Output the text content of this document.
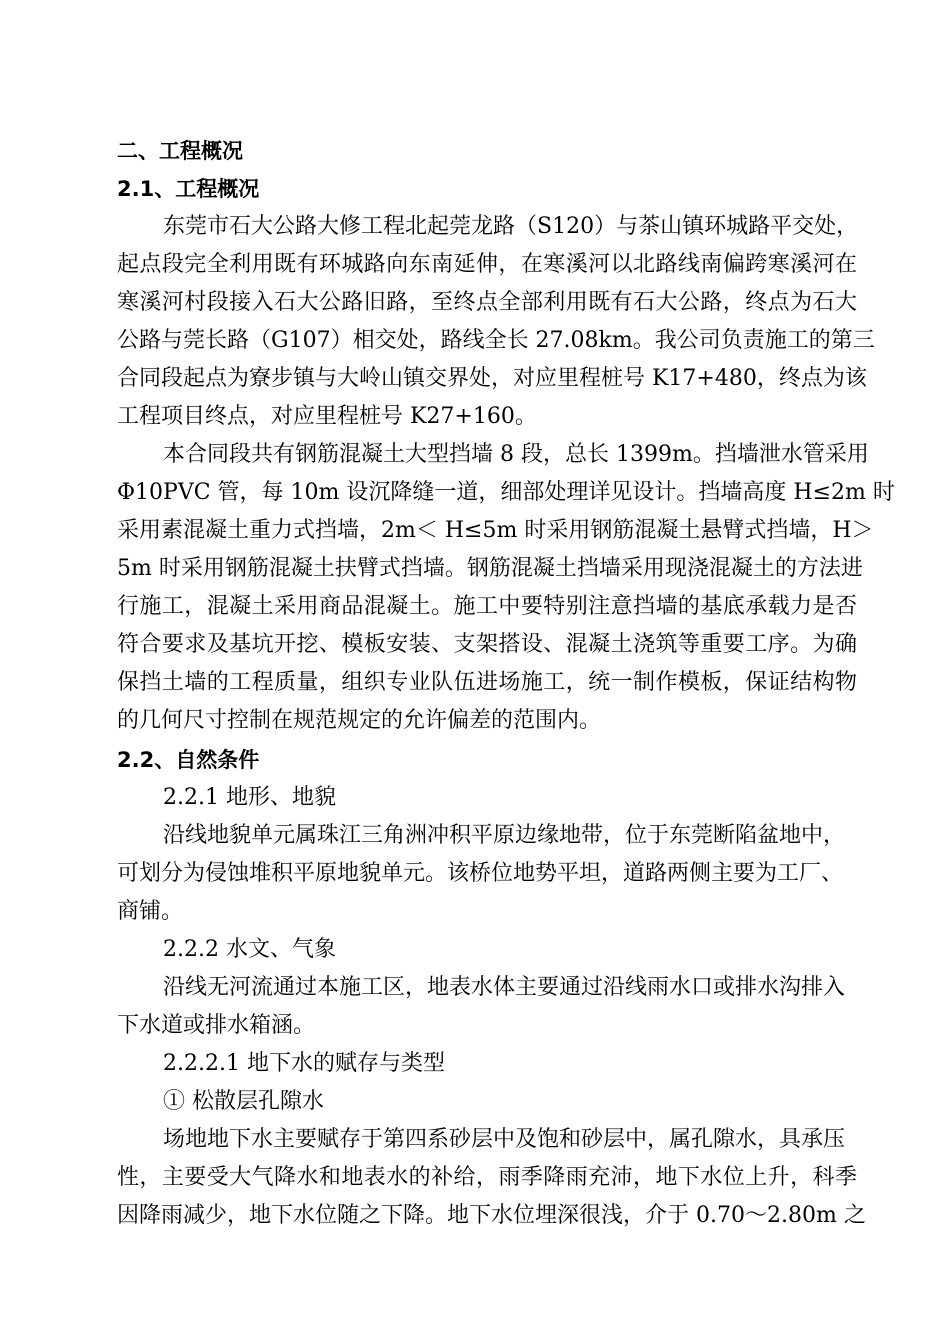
二、工程概况
2.1、工程概况
东莞市石大公路大修工程北起莞龙路（S120）与茶山镇环城路平交处，
起点段完全利用既有环城路向东南延伸，在寒溪河以北路线南偏跨寒溪河在
寒溪河村段接入石大公路旧路，至终点全部利用既有石大公路，终点为石大
公路与莞长路（G107）相交处，路线全长 27.08km。我公司负责施工的第三
合同段起点为寮步镇与大岭山镇交界处，对应里程桩号 K17+480，终点为该
工程项目终点，对应里程桩号 K27+160。
本合同段共有钢筋混凝土大型挡墙 8 段，总长 1399m。挡墙泄水管采用
Φ10PVC 管，每 10m 设沉降缝一道，细部处理详见设计。挡墙高度 H≤2m 时
采用素混凝土重力式挡墙，2m＜ H≤5m 时采用钢筋混凝土悬臂式挡墙，H＞
5m 时采用钢筋混凝土扶臂式挡墙。钢筋混凝土挡墙采用现浇混凝土的方法进
行施工，混凝土采用商品混凝土。施工中要特别注意挡墙的基底承载力是否
符合要求及基坑开挖、模板安装、支架搭设、混凝土浇筑等重要工序。为确
保挡土墙的工程质量，组织专业队伍进场施工，统一制作模板，保证结构物
的几何尺寸控制在规范规定的允许偏差的范围内。
2.2、自然条件
2.2.1 地形、地貌
沿线地貌单元属珠江三角洲冲积平原边缘地带，位于东莞断陷盆地中，
可划分为侵蚀堆积平原地貌单元。该桥位地势平坦，道路两侧主要为工厂、
商铺。
2.2.2 水文、气象
沿线无河流通过本施工区，地表水体主要通过沿线雨水口或排水沟排入
下水道或排水箱涵。
2.2.2.1 地下水的赋存与类型
① 松散层孔隙水
场地地下水主要赋存于第四系砂层中及饱和砂层中，属孔隙水，具承压
性，主要受大气降水和地表水的补给，雨季降雨充沛，地下水位上升，科季
因降雨减少，地下水位随之下降。地下水位埋深很浅，介于 0.70～2.80m 之
